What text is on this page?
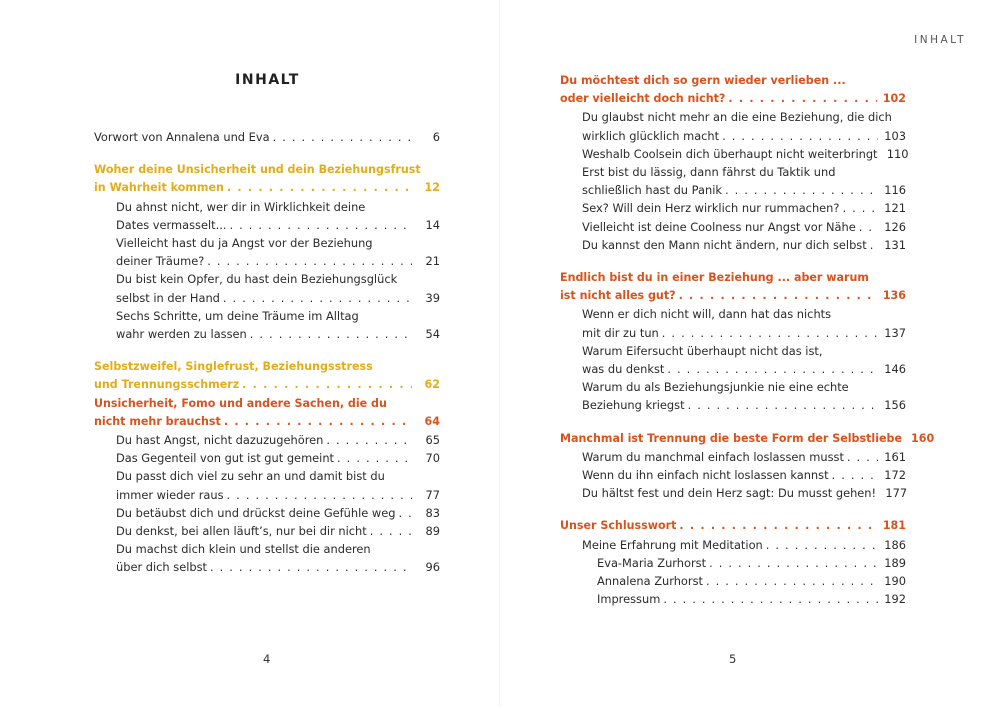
INHALT
Vorwort von Annalena und Eva . . .	6
Woher deine Unsicherheit und dein Beziehungsfrust
in Wahrheit kommen . . .	12
Du ahnst nicht, wer dir in Wirklichkeit deine
Dates vermasselt... . . .	14
Vielleicht hast du ja Angst vor der Beziehung
deiner Träume? . . .	21
Du bist kein Opfer, du hast dein Beziehungsglück
selbst in der Hand . . .	39
Sechs Schritte, um deine Träume im Alltag
wahr werden zu lassen . . .	54
Selbstzweifel, Singlefrust, Beziehungsstress
und Trennungsschmerz . . .	62
Unsicherheit, Fomo und andere Sachen, die du
nicht mehr brauchst . . .	64
Du hast Angst, nicht dazuzugehören . . .	65
Das Gegenteil von gut ist gut gemeint . . .	70
Du passt dich viel zu sehr an und damit bist du
immer wieder raus . . .	77
Du betäubst dich und drückst deine Gefühle weg . . .	83
Du denkst, bei allen läuft’s, nur bei dir nicht . . .	89
Du machst dich klein und stellst die anderen
über dich selbst . . .	96
4
INHALT
Du möchtest dich so gern wieder verlieben ...
oder vielleicht doch nicht? . . .	102
Du glaubst nicht mehr an die eine Beziehung, die dich
wirklich glücklich macht . . .	103
Weshalb Coolsein dich überhaupt nicht weiterbringt 110
Erst bist du lässig, dann fährst du Taktik und
schließlich hast du Panik . . .	116
Sex? Will dein Herz wirklich nur rummachen? . . .	121
Vielleicht ist deine Coolness nur Angst vor Nähe . . .	126
Du kannst den Mann nicht ändern, nur dich selbst . . . 131
Endlich bist du in einer Beziehung ... aber warum
ist nicht alles gut? . . .	136
Wenn er dich nicht will, dann hat das nichts
mit dir zu tun . . .	137
Warum Eifersucht überhaupt nicht das ist,
was du denkst . . .	146
Warum du als Beziehungsjunkie nie eine echte
Beziehung kriegst . . .	156
Manchmal ist Trennung die beste Form der Selbstliebe 160
Warum du manchmal einfach loslassen musst . . .	161
Wenn du ihn einfach nicht loslassen kannst . . .	172
Du hältst fest und dein Herz sagt: Du musst gehen! 177
Unser Schlusswort . . .	181
Meine Erfahrung mit Meditation . . .	186
Eva-Maria Zurhorst . . .	189
Annalena Zurhorst . . .	190
Impressum . . .	192
5
